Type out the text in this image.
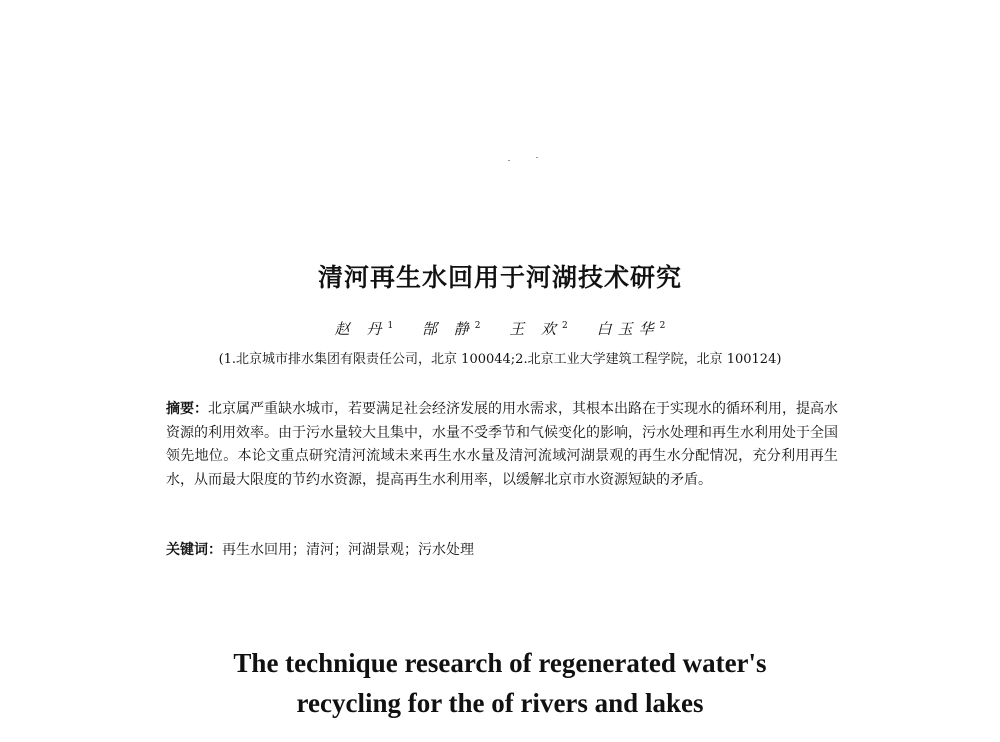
清河再生水回用于河湖技术研究
赵 丹$^1$ 郜 静$^2$ 王 欢$^2$ 白玉华$^2$
(1.北京城市排水集团有限责任公司，北京 100044;2.北京工业大学建筑工程学院，北京 100124)
摘要：北京属严重缺水城市，若要满足社会经济发展的用水需求，其根本出路在于实现水的循环利用，提高水资源的利用效率。由于污水量较大且集中，水量不受季节和气候变化的影响，污水处理和再生水利用处于全国领先地位。本论文重点研究清河流域未来再生水水量及清河流域河湖景观的再生水分配情况，充分利用再生水，从而最大限度的节约水资源，提高再生水利用率，以缓解北京市水资源短缺的矛盾。
关键词：再生水回用；清河；河湖景观；污水处理
The technique research of regenerated water's
recycling for the of rivers and lakes
